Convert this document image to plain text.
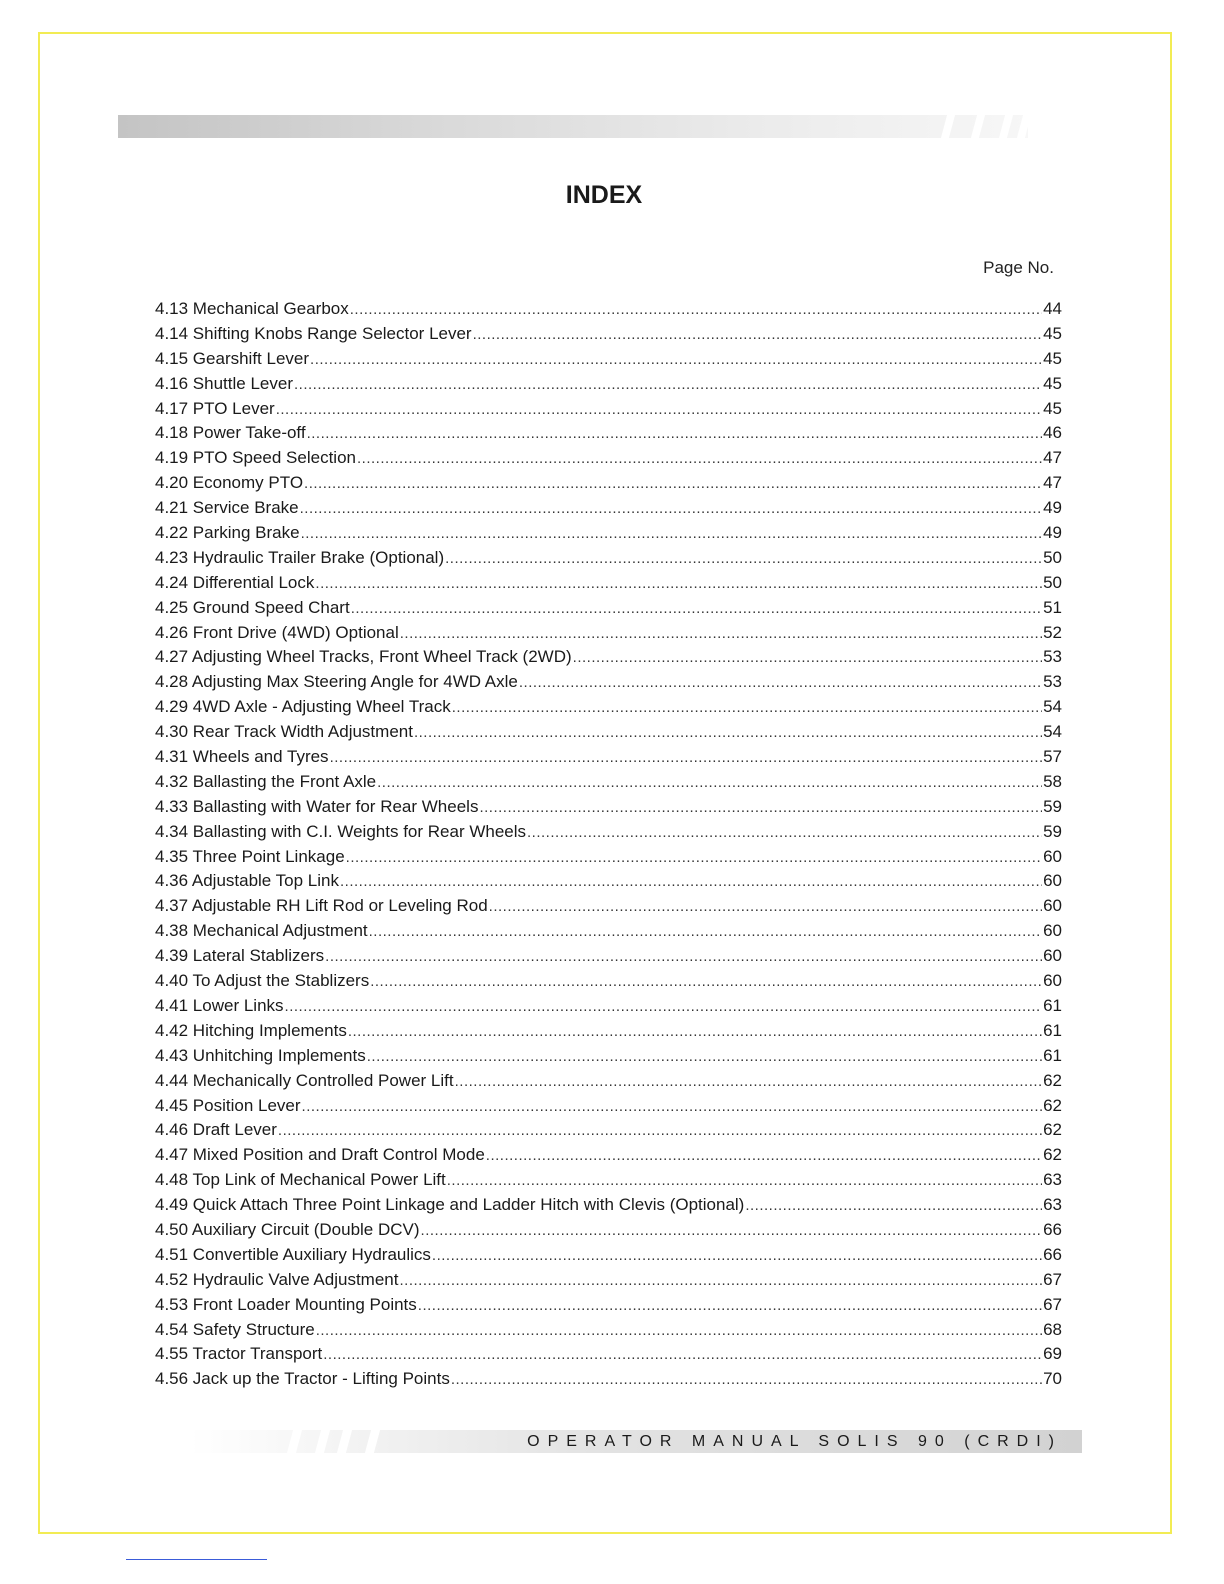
INDEX
Page No.
4.13 Mechanical Gearbox .....	44
4.14 Shifting Knobs Range Selector Lever .....	45
4.15 Gearshift Lever .....	45
4.16 Shuttle Lever .....	45
4.17 PTO Lever .....	45
4.18 Power Take-off .....	46
4.19 PTO Speed Selection .....	47
4.20 Economy PTO .....	47
4.21 Service Brake .....	49
4.22 Parking Brake .....	49
4.23 Hydraulic Trailer Brake (Optional) .....	50
4.24 Differential Lock .....	50
4.25 Ground Speed Chart .....	51
4.26 Front Drive (4WD) Optional .....	52
4.27 Adjusting Wheel Tracks, Front Wheel Track (2WD) .....	53
4.28 Adjusting Max Steering Angle for 4WD Axle .....	53
4.29 4WD Axle - Adjusting Wheel Track .....	54
4.30 Rear Track Width Adjustment .....	54
4.31 Wheels and Tyres .....	57
4.32 Ballasting the Front Axle .....	58
4.33 Ballasting with Water for Rear Wheels .....	59
4.34 Ballasting with C.I. Weights for Rear Wheels .....	59
4.35 Three Point Linkage .....	60
4.36 Adjustable Top Link .....	60
4.37 Adjustable RH Lift Rod or Leveling Rod .....	60
4.38 Mechanical Adjustment .....	60
4.39 Lateral Stablizers .....	60
4.40 To Adjust the Stablizers .....	60
4.41 Lower Links .....	61
4.42 Hitching Implements .....	61
4.43 Unhitching Implements .....	61
4.44 Mechanically Controlled Power Lift .....	62
4.45 Position Lever .....	62
4.46 Draft Lever .....	62
4.47 Mixed Position and Draft Control Mode .....	62
4.48 Top Link of Mechanical Power Lift .....	63
4.49 Quick Attach Three Point Linkage and Ladder Hitch with Clevis (Optional) .....	63
4.50 Auxiliary Circuit (Double DCV) .....	66
4.51 Convertible Auxiliary Hydraulics .....	66
4.52 Hydraulic Valve Adjustment .....	67
4.53 Front Loader Mounting Points .....	67
4.54 Safety Structure .....	68
4.55 Tractor Transport .....	69
4.56 Jack up the Tractor - Lifting Points .....	70
OPERATOR MANUAL SOLIS 90 (CRDI)
